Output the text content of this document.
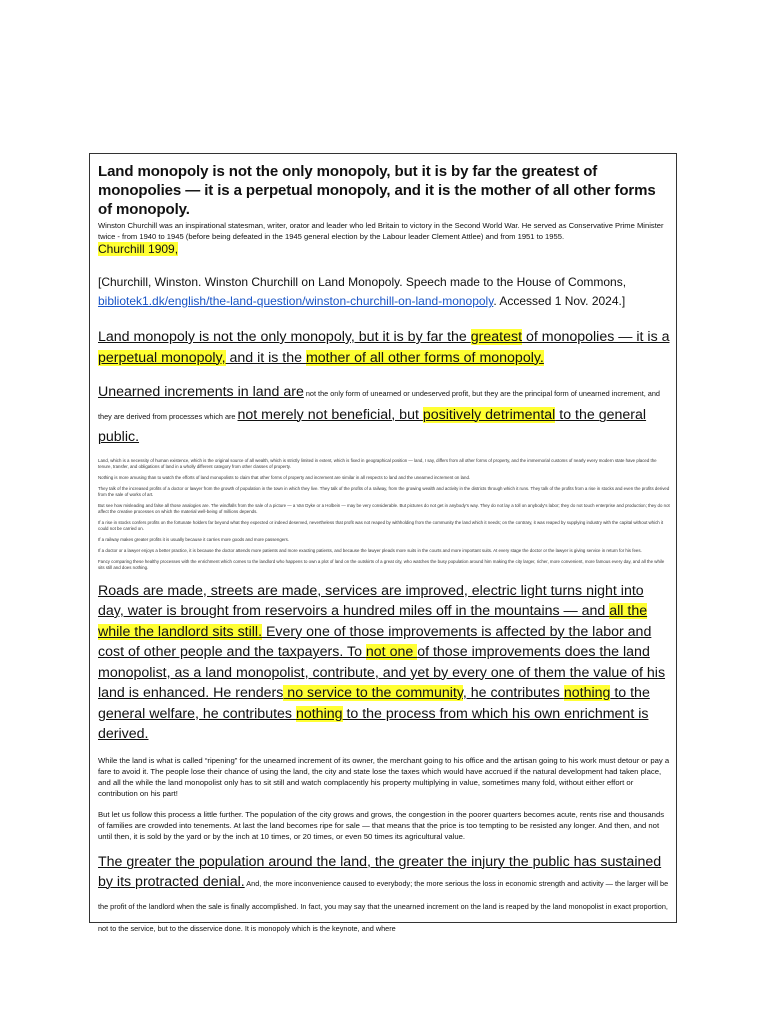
Land monopoly is not the only monopoly, but it is by far the greatest of monopolies — it is a perpetual monopoly, and it is the mother of all other forms of monopoly.

Winston Churchill was an inspirational statesman, writer, orator and leader who led Britain to victory in the Second World War. He served as Conservative Prime Minister twice - from 1940 to 1945 (before being defeated in the 1945 general election by the Labour leader Clement Attlee) and from 1951 to 1955.

Churchill 1909,

[Churchill, Winston. Winston Churchill on Land Monopoly. Speech made to the House of Commons, bibliotek1.dk/english/the-land-question/winston-churchill-on-land-monopoly. Accessed 1 Nov. 2024.]

Land monopoly is not the only monopoly, but it is by far the greatest of monopolies — it is a perpetual monopoly, and it is the mother of all other forms of monopoly.

Unearned increments in land are not the only form of unearned or undeserved profit, but they are the principal form of unearned increment, and they are derived from processes which are not merely not beneficial, but positively detrimental to the general public.

Land, which is a necessity of human existence, which is the original source of all wealth, which is strictly limited in extent, which is fixed in geographical position — land, I say, differs from all other forms of property, and the immemorial customs of nearly every modern state have placed the tenure, transfer, and obligations of land in a wholly different category from other classes of property.

Nothing is more amusing than to watch the efforts of land monopolists to claim that other forms of property and increment are similar in all respects to land and the unearned increment on land.

They talk of the increased profits of a doctor or lawyer from the growth of population in the town in which they live. They talk of the profits of a railway, from the growing wealth and activity in the districts through which it runs. They talk of the profits from a rise in stocks and even the profits derived from the sale of works of art.

But see how misleading and false all those analogies are. The windfalls from the sale of a picture — a Van Dyke or a Holbein — may be very considerable. But pictures do not get in anybody's way. They do not lay a toll on anybody's labor; they do not touch enterprise and production; they do not affect the creative processes on which the material well-being of millions depends.

If a rise in stocks confers profits on the fortunate holders far beyond what they expected or indeed deserved, nevertheless that profit was not reaped by withholding from the community the land which it needs; on the contrary, it was reaped by supplying industry with the capital without which it could not be carried on.

If a railway makes greater profits it is usually because it carries more goods and more passengers.

If a doctor or a lawyer enjoys a better practice, it is because the doctor attends more patients and more exacting patients, and because the lawyer pleads more suits in the courts and more important suits. At every stage the doctor or the lawyer is giving service in return for his fees.

Fancy comparing these healthy processes with the enrichment which comes to the landlord who happens to own a plot of land on the outskirts of a great city, who watches the busy population around him making the city larger, richer, more convenient, more famous every day, and all the while sits still and does nothing.

Roads are made, streets are made, services are improved, electric light turns night into day, water is brought from reservoirs a hundred miles off in the mountains — and all the while the landlord sits still. Every one of those improvements is affected by the labor and cost of other people and the taxpayers. To not one of those improvements does the land monopolist, as a land monopolist, contribute, and yet by every one of them the value of his land is enhanced. He renders no service to the community, he contributes nothing to the general welfare, he contributes nothing to the process from which his own enrichment is derived.

While the land is what is called “ripening” for the unearned increment of its owner, the merchant going to his office and the artisan going to his work must detour or pay a fare to avoid it. The people lose their chance of using the land, the city and state lose the taxes which would have accrued if the natural development had taken place, and all the while the land monopolist only has to sit still and watch complacently his property multiplying in value, sometimes many fold, without either effort or contribution on his part!

But let us follow this process a little further. The population of the city grows and grows, the congestion in the poorer quarters becomes acute, rents rise and thousands of families are crowded into tenements. At last the land becomes ripe for sale — that means that the price is too tempting to be resisted any longer. And then, and not until then, it is sold by the yard or by the inch at 10 times, or 20 times, or even 50 times its agricultural value.

The greater the population around the land, the greater the injury the public has sustained by its protracted denial. And, the more inconvenience caused to everybody; the more serious the loss in economic strength and activity — the larger will be the profit of the landlord when the sale is finally accomplished. In fact, you may say that the unearned increment on the land is reaped by the land monopolist in exact proportion, not to the service, but to the disservice done. It is monopoly which is the keynote, and where
